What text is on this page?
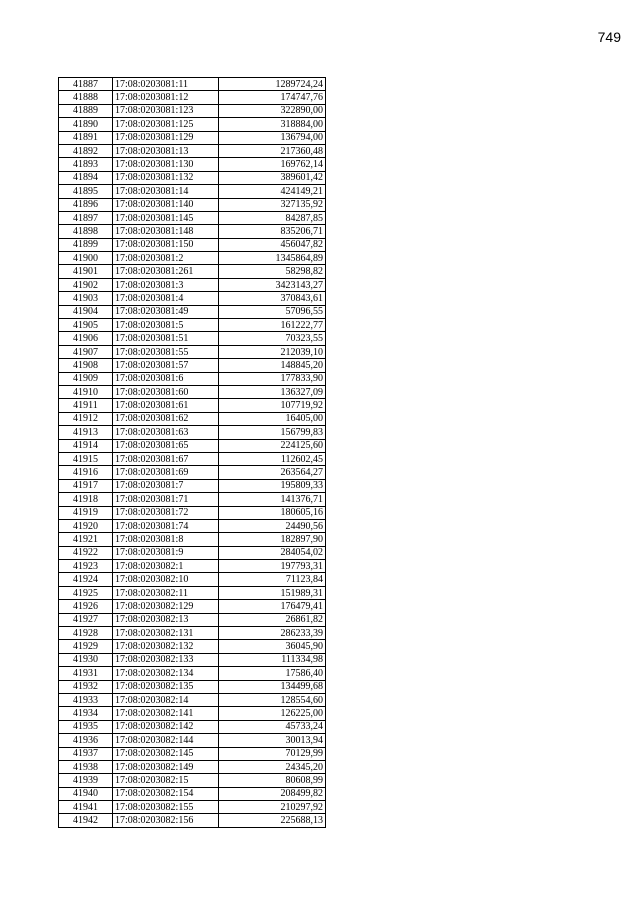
749
41887	17:08:0203081:11	1289724,24
41888	17:08:0203081:12	174747,76
41889	17:08:0203081:123	322890,00
41890	17:08:0203081:125	318884,00
41891	17:08:0203081:129	136794,00
41892	17:08:0203081:13	217360,48
41893	17:08:0203081:130	169762,14
41894	17:08:0203081:132	389601,42
41895	17:08:0203081:14	424149,21
41896	17:08:0203081:140	327135,92
41897	17:08:0203081:145	84287,85
41898	17:08:0203081:148	835206,71
41899	17:08:0203081:150	456047,82
41900	17:08:0203081:2	1345864,89
41901	17:08:0203081:261	58298,82
41902	17:08:0203081:3	3423143,27
41903	17:08:0203081:4	370843,61
41904	17:08:0203081:49	57096,55
41905	17:08:0203081:5	161222,77
41906	17:08:0203081:51	70323,55
41907	17:08:0203081:55	212039,10
41908	17:08:0203081:57	148845,20
41909	17:08:0203081:6	177833,90
41910	17:08:0203081:60	136327,09
41911	17:08:0203081:61	107719,92
41912	17:08:0203081:62	16405,00
41913	17:08:0203081:63	156799,83
41914	17:08:0203081:65	224125,60
41915	17:08:0203081:67	112602,45
41916	17:08:0203081:69	263564,27
41917	17:08:0203081:7	195809,33
41918	17:08:0203081:71	141376,71
41919	17:08:0203081:72	180605,16
41920	17:08:0203081:74	24490,56
41921	17:08:0203081:8	182897,90
41922	17:08:0203081:9	284054,02
41923	17:08:0203082:1	197793,31
41924	17:08:0203082:10	71123,84
41925	17:08:0203082:11	151989,31
41926	17:08:0203082:129	176479,41
41927	17:08:0203082:13	26861,82
41928	17:08:0203082:131	286233,39
41929	17:08:0203082:132	36045,90
41930	17:08:0203082:133	111334,98
41931	17:08:0203082:134	17586,40
41932	17:08:0203082:135	134499,68
41933	17:08:0203082:14	128554,60
41934	17:08:0203082:141	126225,00
41935	17:08:0203082:142	45733,24
41936	17:08:0203082:144	30013,94
41937	17:08:0203082:145	70129,99
41938	17:08:0203082:149	24345,20
41939	17:08:0203082:15	80608,99
41940	17:08:0203082:154	208499,82
41941	17:08:0203082:155	210297,92
41942	17:08:0203082:156	225688,13
